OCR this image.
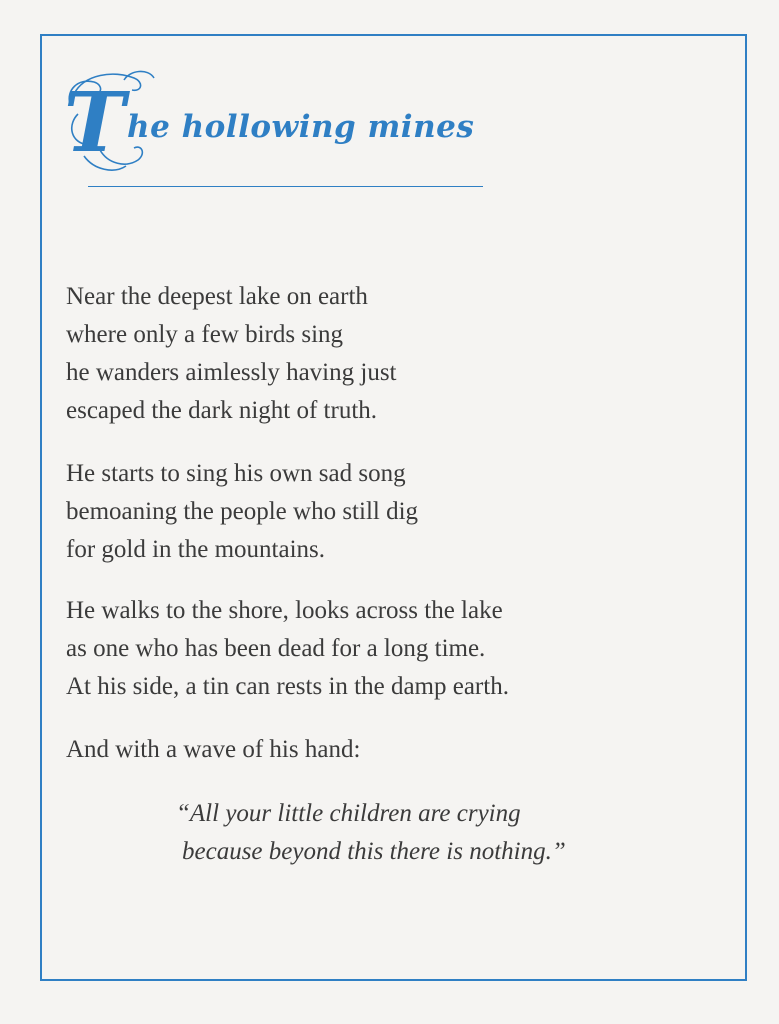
T he hollowing mines
Near the deepest lake on earth
where only a few birds sing
he wanders aimlessly having just
escaped the dark night of truth.
He starts to sing his own sad song
bemoaning the people who still dig
for gold in the mountains.
He walks to the shore, looks across the lake
as one who has been dead for a long time.
At his side, a tin can rests in the damp earth.
And with a wave of his hand:
“All your little children are crying
because beyond this there is nothing.”
